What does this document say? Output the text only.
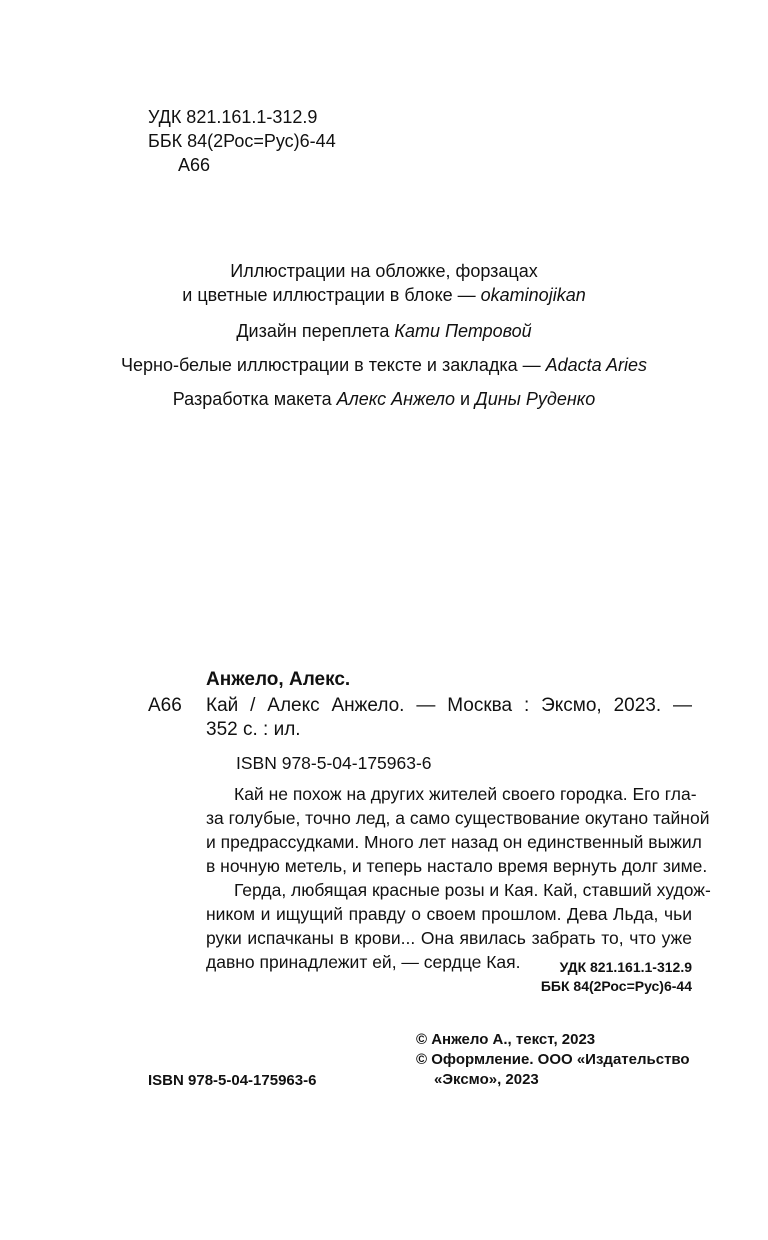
УДК 821.161.1-312.9
ББК 84(2Рос=Рус)6-44
А66
Иллюстрации на обложке, форзацах
и цветные иллюстрации в блоке — okaminojikan
Дизайн переплета Кати Петровой
Черно-белые иллюстрации в тексте и закладка — Adacta Aries
Разработка макета Алекс Анжело и Дины Руденко
Анжело, Алекс.
А66 Кай / Алекс Анжело. — Москва : Эксмо, 2023. —
352 с. : ил.
ISBN 978-5-04-175963-6

Кай не похож на других жителей своего городка. Его гла-
за голубые, точно лед, а само существование окутано тайной
и предрассудками. Много лет назад он единственный выжил
в ночную метель, и теперь настало время вернуть долг зиме.

Герда, любящая красные розы и Кая. Кай, ставший худож-
ником и ищущий правду о своем прошлом. Дева Льда, чьи
руки испачканы в крови... Она явилась забрать то, что уже
давно принадлежит ей, — сердце Кая.	УДК 821.161.1-312.9
ББК 84(2Рос=Рус)6-44
© Анжело А., текст, 2023
© Оформление. ООО «Издательство
«Эксмо», 2023
ISBN 978-5-04-175963-6
